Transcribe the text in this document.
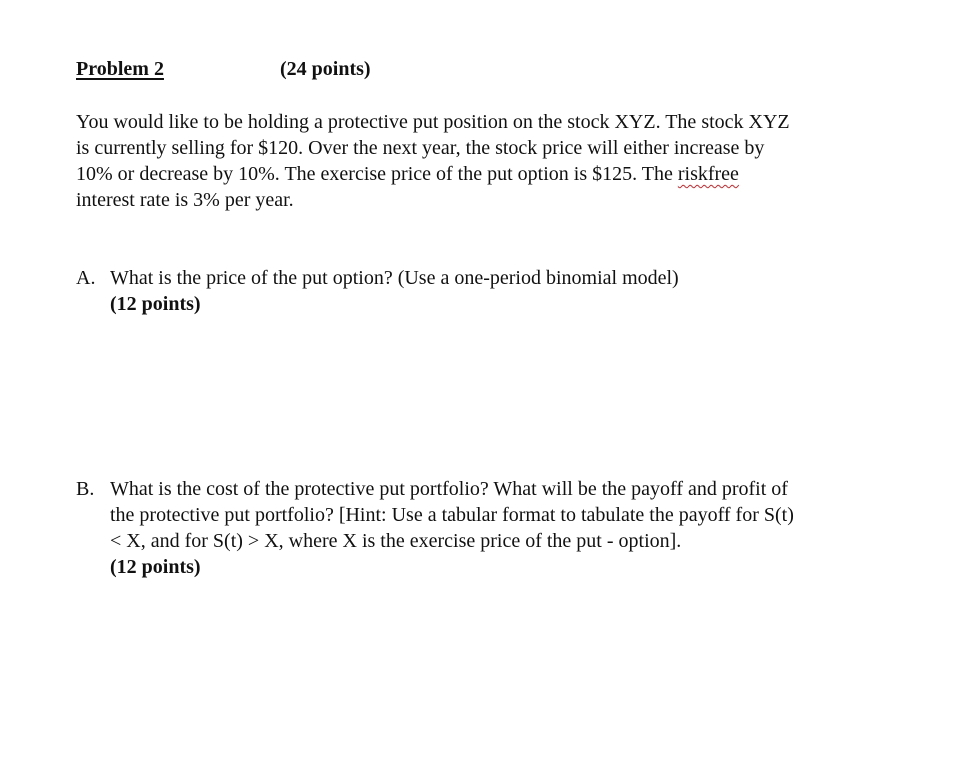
Problem 2	(24 points)
You would like to be holding a protective put position on the stock XYZ. The stock XYZ
is currently selling for $120. Over the next year, the stock price will either increase by
10% or decrease by 10%. The exercise price of the put option is $125. The riskfree
interest rate is 3% per year.
A. What is the price of the put option? (Use a one-period binomial model)
(12 points)
B. What is the cost of the protective put portfolio? What will be the payoff and profit of
the protective put portfolio? [Hint: Use a tabular format to tabulate the payoff for S(t)
< X, and for S(t) > X, where X is the exercise price of the put - option].
(12 points)
